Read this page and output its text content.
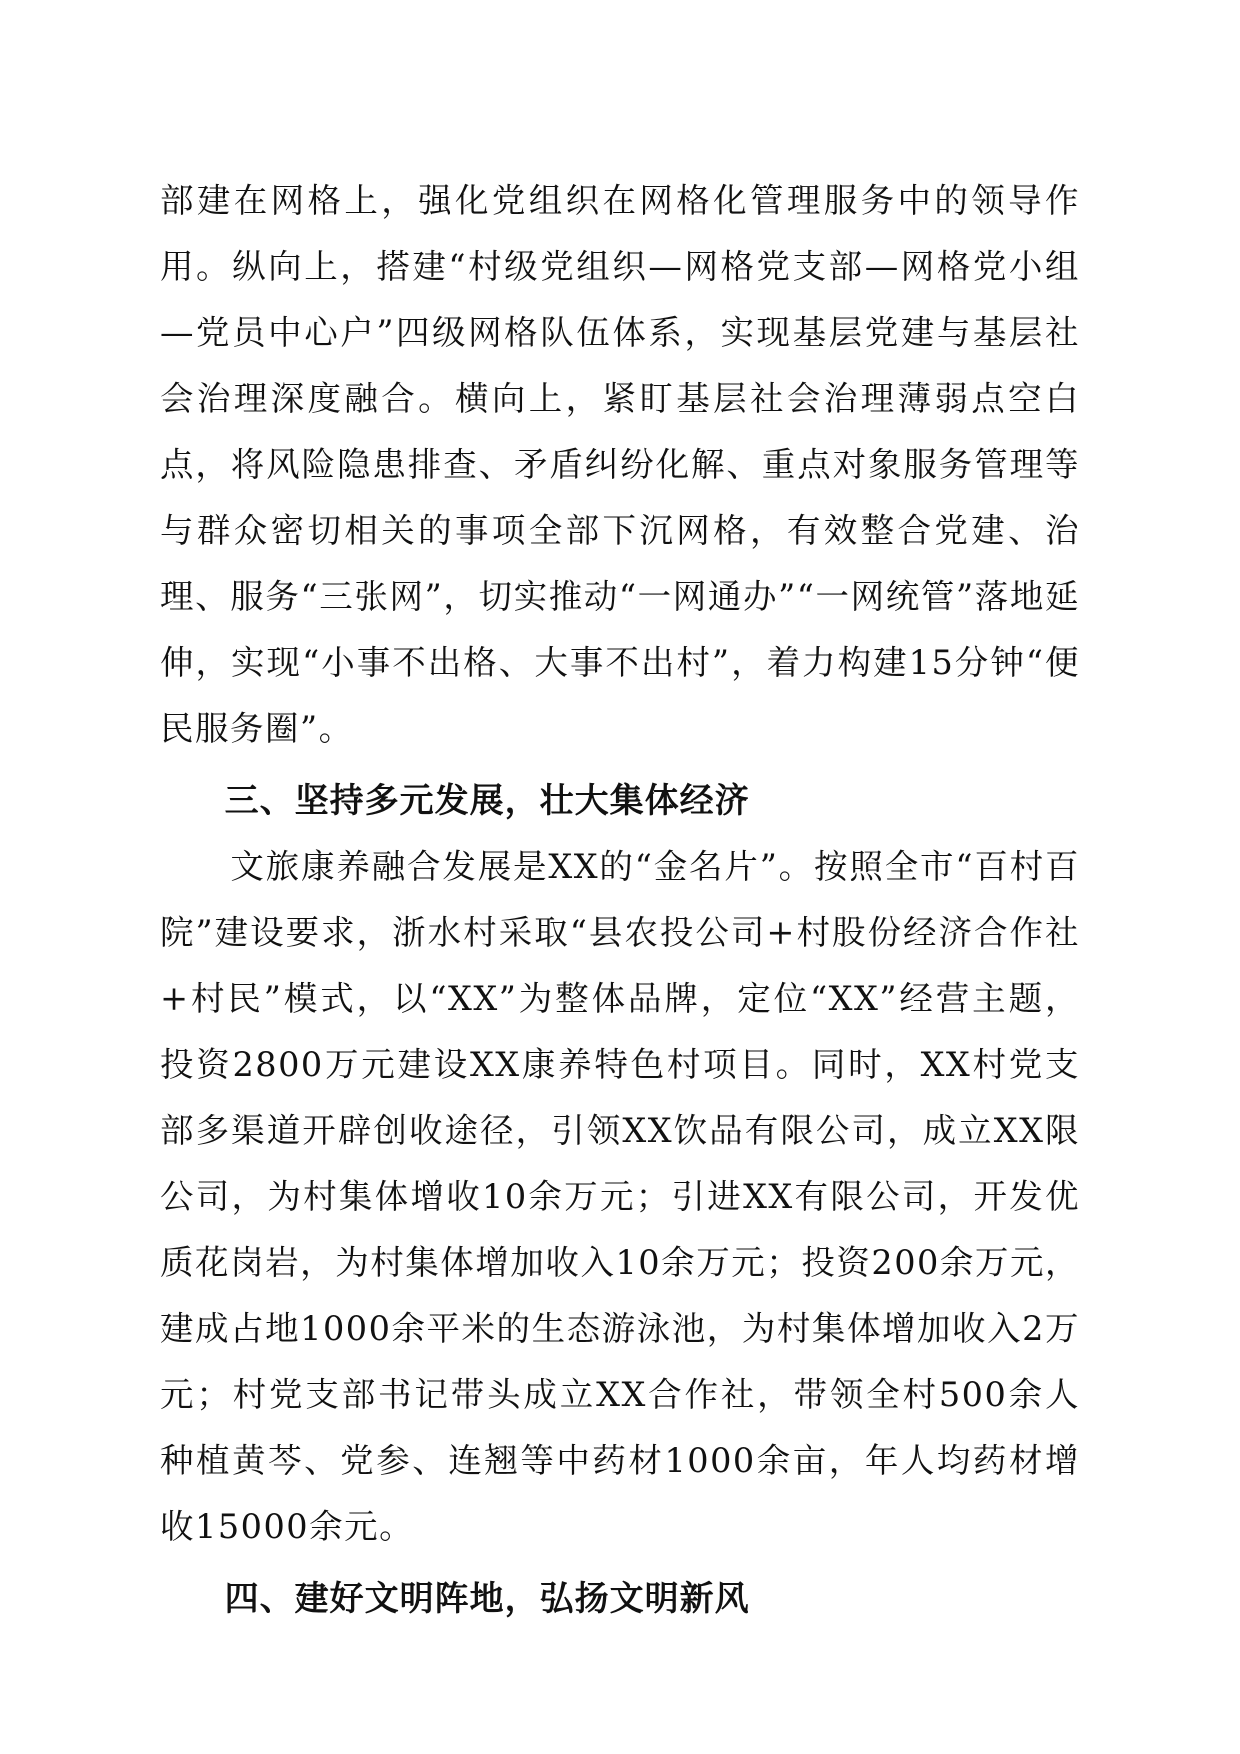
部建在网格上，强化党组织在网格化管理服务中的领导作用。纵向上，搭建“村级党组织—网格党支部—网格党小组—党员中心户”四级网格队伍体系，实现基层党建与基层社会治理深度融合。横向上，紧盯基层社会治理薄弱点空白点，将风险隐患排查、矛盾纠纷化解、重点对象服务管理等与群众密切相关的事项全部下沉网格，有效整合党建、治理、服务“三张网”，切实推动“一网通办”“一网统管”落地延伸，实现“小事不出格、大事不出村”，着力构建15分钟“便民服务圈”。

三、坚持多元发展，壮大集体经济

文旅康养融合发展是XX的“金名片”。按照全市“百村百院”建设要求，浙水村采取“县农投公司+村股份经济合作社+村民”模式，以“XX”为整体品牌，定位“XX”经营主题，投资2800万元建设XX康养特色村项目。同时，XX村党支部多渠道开辟创收途径，引领XX饮品有限公司，成立XX限公司，为村集体增收10余万元；引进XX有限公司，开发优质花岗岩，为村集体增加收入10余万元；投资200余万元，建成占地1000余平米的生态游泳池，为村集体增加收入2万元；村党支部书记带头成立XX合作社，带领全村500余人种植黄芩、党参、连翘等中药材1000余亩，年人均药材增收15000余元。

四、建好文明阵地，弘扬文明新风
